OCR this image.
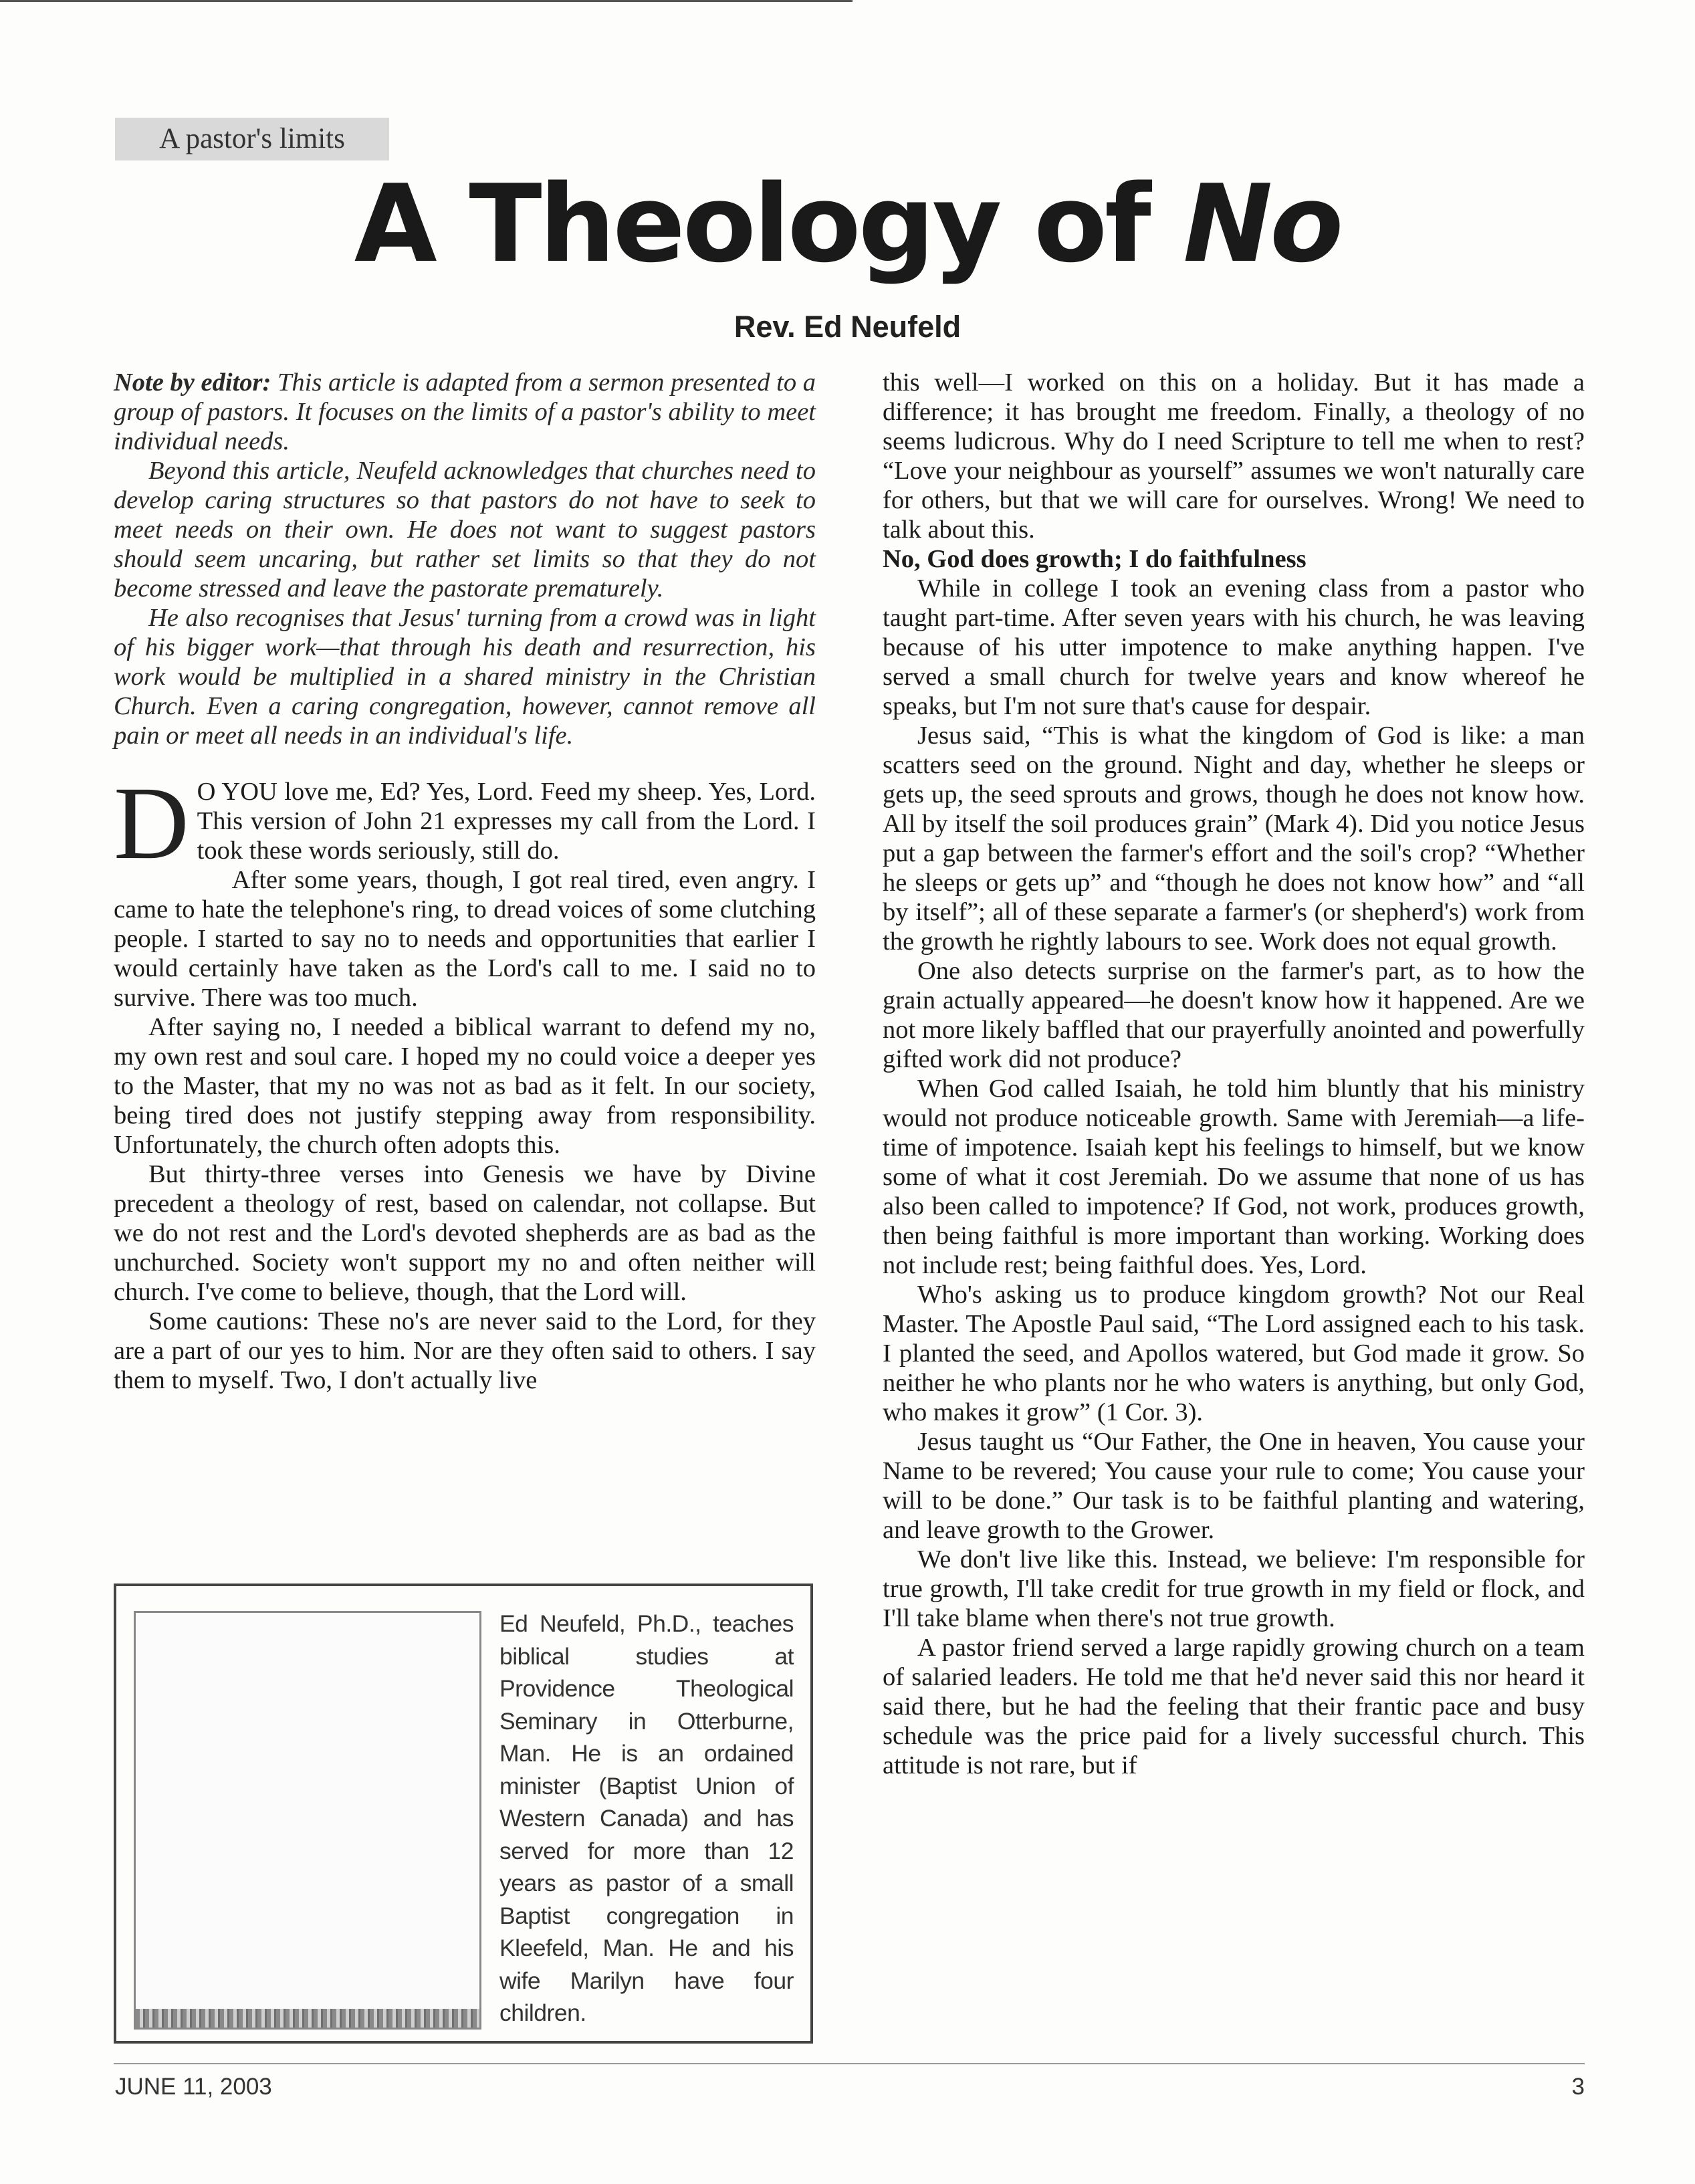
A pastor's limits
A Theology of No
Rev. Ed Neufeld

Note by editor: This article is adapted from a sermon presented to a group of pastors. It focuses on the limits of a pastor's ability to meet individual needs.

Beyond this article, Neufeld acknowledges that churches need to develop caring structures so that pastors do not have to seek to meet needs on their own. He does not want to suggest pastors should seem uncaring, but rather set limits so that they do not become stressed and leave the pastorate prematurely.

He also recognises that Jesus' turning from a crowd was in light of his bigger work—that through his death and resurrection, his work would be multiplied in a shared ministry in the Christian Church. Even a caring congregation, however, cannot remove all pain or meet all needs in an individual's life.

D O YOU love me, Ed? Yes, Lord. Feed my sheep. Yes, Lord. This version of John 21 expresses my call from the Lord. I took these words seriously, still do.

After some years, though, I got real tired, even angry. I came to hate the telephone's ring, to dread voices of some clutching people. I started to say no to needs and opportunities that earlier I would certainly have taken as the Lord's call to me. I said no to survive. There was too much.

After saying no, I needed a biblical warrant to defend my no, my own rest and soul care. I hoped my no could voice a deeper yes to the Master, that my no was not as bad as it felt. In our society, being tired does not justify stepping away from responsibility. Unfortunately, the church often adopts this.

But thirty-three verses into Genesis we have by Divine precedent a theology of rest, based on calendar, not collapse. But we do not rest and the Lord's devoted shepherds are as bad as the unchurched. Society won't support my no and often neither will church. I've come to believe, though, that the Lord will.

Some cautions: These no's are never said to the Lord, for they are a part of our yes to him. Nor are they often said to others. I say them to myself. Two, I don't actually live

Ed Neufeld, Ph.D., teaches biblical studies at Providence Theological Seminary in Otterburne, Man. He is an ordained minister (Baptist Union of Western Canada) and has served for more than 12 years as pastor of a small Baptist congregation in Kleefeld, Man. He and his wife Marilyn have four children.

this well—I worked on this on a holiday. But it has made a difference; it has brought me freedom. Finally, a theology of no seems ludicrous. Why do I need Scripture to tell me when to rest? “Love your neighbour as yourself” assumes we won't naturally care for others, but that we will care for ourselves. Wrong! We need to talk about this.

No, God does growth; I do faithfulness

While in college I took an evening class from a pastor who taught part-time. After seven years with his church, he was leaving because of his utter impotence to make anything happen. I've served a small church for twelve years and know whereof he speaks, but I'm not sure that's cause for despair.

Jesus said, “This is what the kingdom of God is like: a man scatters seed on the ground. Night and day, whether he sleeps or gets up, the seed sprouts and grows, though he does not know how. All by itself the soil produces grain” (Mark 4). Did you notice Jesus put a gap between the farmer's effort and the soil's crop? “Whether he sleeps or gets up” and “though he does not know how” and “all by itself”; all of these separate a farmer's (or shepherd's) work from the growth he rightly labours to see. Work does not equal growth.

One also detects surprise on the farmer's part, as to how the grain actually appeared—he doesn't know how it happened. Are we not more likely baffled that our prayerfully anointed and powerfully gifted work did not produce?

When God called Isaiah, he told him bluntly that his ministry would not produce noticeable growth. Same with Jeremiah—a life-time of impotence. Isaiah kept his feelings to himself, but we know some of what it cost Jeremiah. Do we assume that none of us has also been called to impotence? If God, not work, produces growth, then being faithful is more important than working. Working does not include rest; being faithful does. Yes, Lord.

Who's asking us to produce kingdom growth? Not our Real Master. The Apostle Paul said, “The Lord assigned each to his task. I planted the seed, and Apollos watered, but God made it grow. So neither he who plants nor he who waters is anything, but only God, who makes it grow” (1 Cor. 3).

Jesus taught us “Our Father, the One in heaven, You cause your Name to be revered; You cause your rule to come; You cause your will to be done.” Our task is to be faithful planting and watering, and leave growth to the Grower.

We don't live like this. Instead, we believe: I'm responsible for true growth, I'll take credit for true growth in my field or flock, and I'll take blame when there's not true growth.

A pastor friend served a large rapidly growing church on a team of salaried leaders. He told me that he'd never said this nor heard it said there, but he had the feeling that their frantic pace and busy schedule was the price paid for a lively successful church. This attitude is not rare, but if

JUNE 11, 2003	3
